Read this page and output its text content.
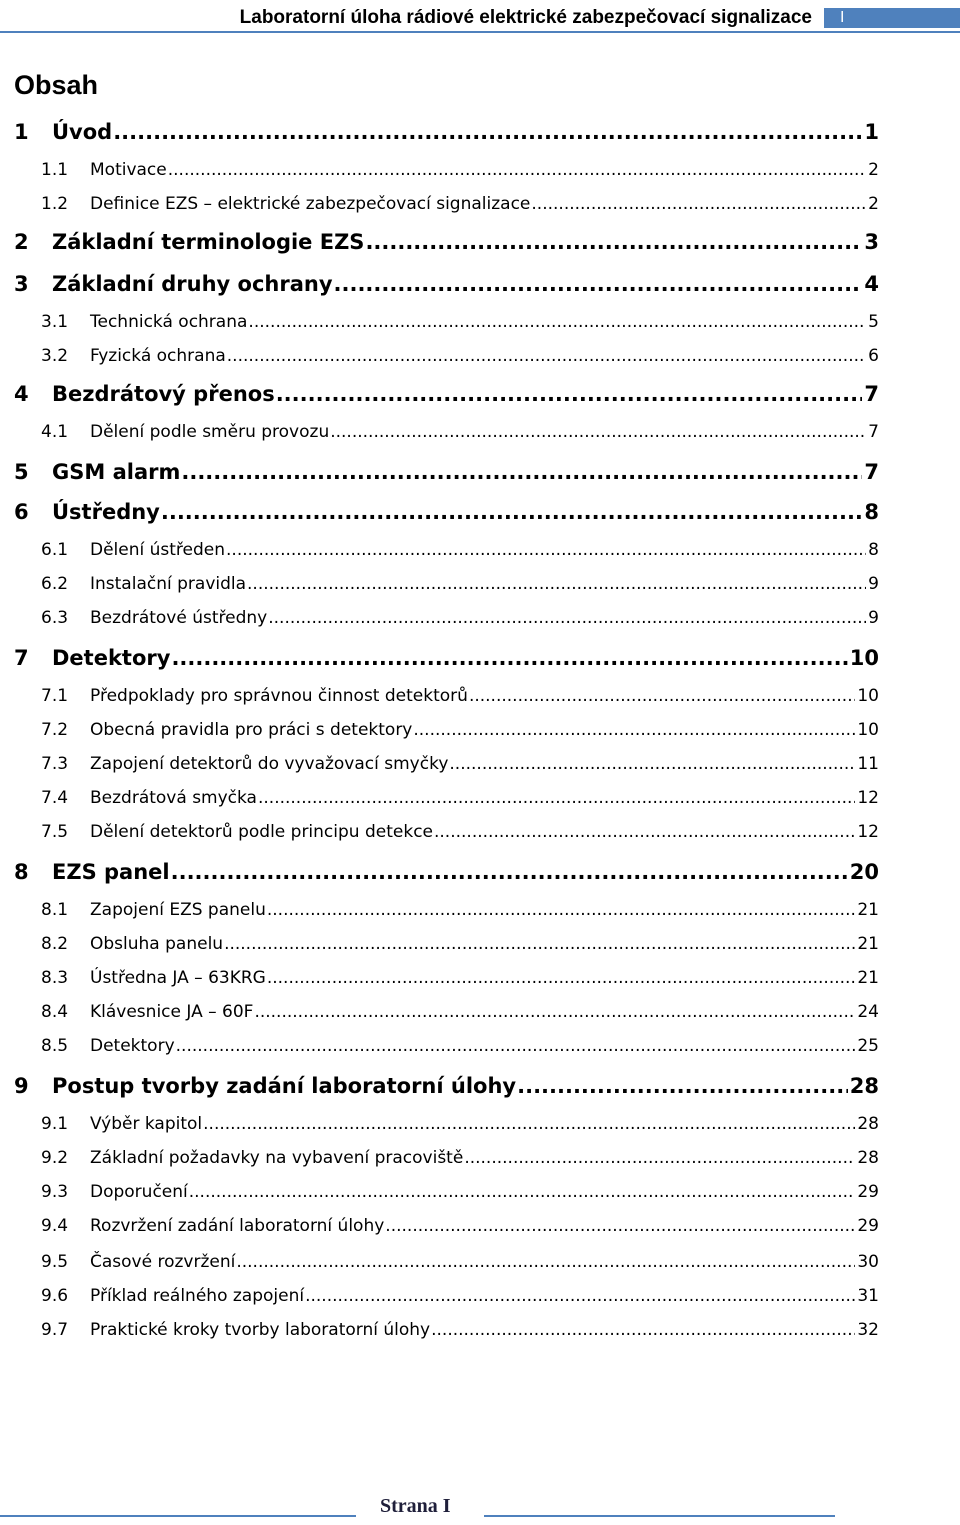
Laboratorní úloha rádiové elektrické zabezpečovací signalizace	I
Obsah
1	Úvod .....	1
1.1	Motivace .....	2
1.2	Definice EZS – elektrické zabezpečovací signalizace .....	2
2	Základní terminologie EZS .....	3
3	Základní druhy ochrany .....	4
3.1	Technická ochrana .....	5
3.2	Fyzická ochrana .....	6
4	Bezdrátový přenos .....	7
4.1	Dělení podle směru provozu .....	7
5	GSM alarm .....	7
6	Ústředny .....	8
6.1	Dělení ústředen .....	8
6.2	Instalační pravidla .....	9
6.3	Bezdrátové ústředny .....	9
7	Detektory .....	10
7.1	Předpoklady pro správnou činnost detektorů .....	10
7.2	Obecná pravidla pro práci s detektory .....	10
7.3	Zapojení detektorů do vyvažovací smyčky .....	11
7.4	Bezdrátová smyčka .....	12
7.5	Dělení detektorů podle principu detekce .....	12
8	EZS panel .....	20
8.1	Zapojení EZS panelu .....	21
8.2	Obsluha panelu .....	21
8.3	Ústředna JA – 63KRG .....	21
8.4	Klávesnice JA – 60F .....	24
8.5	Detektory .....	25
9	Postup tvorby zadání laboratorní úlohy .....	28
9.1	Výběr kapitol .....	28
9.2	Základní požadavky na vybavení pracoviště .....	28
9.3	Doporučení .....	29
9.4	Rozvržení zadání laboratorní úlohy .....	29
9.5	Časové rozvržení .....	30
9.6	Příklad reálného zapojení .....	31
9.7	Praktické kroky tvorby laboratorní úlohy .....	32
Strana I
